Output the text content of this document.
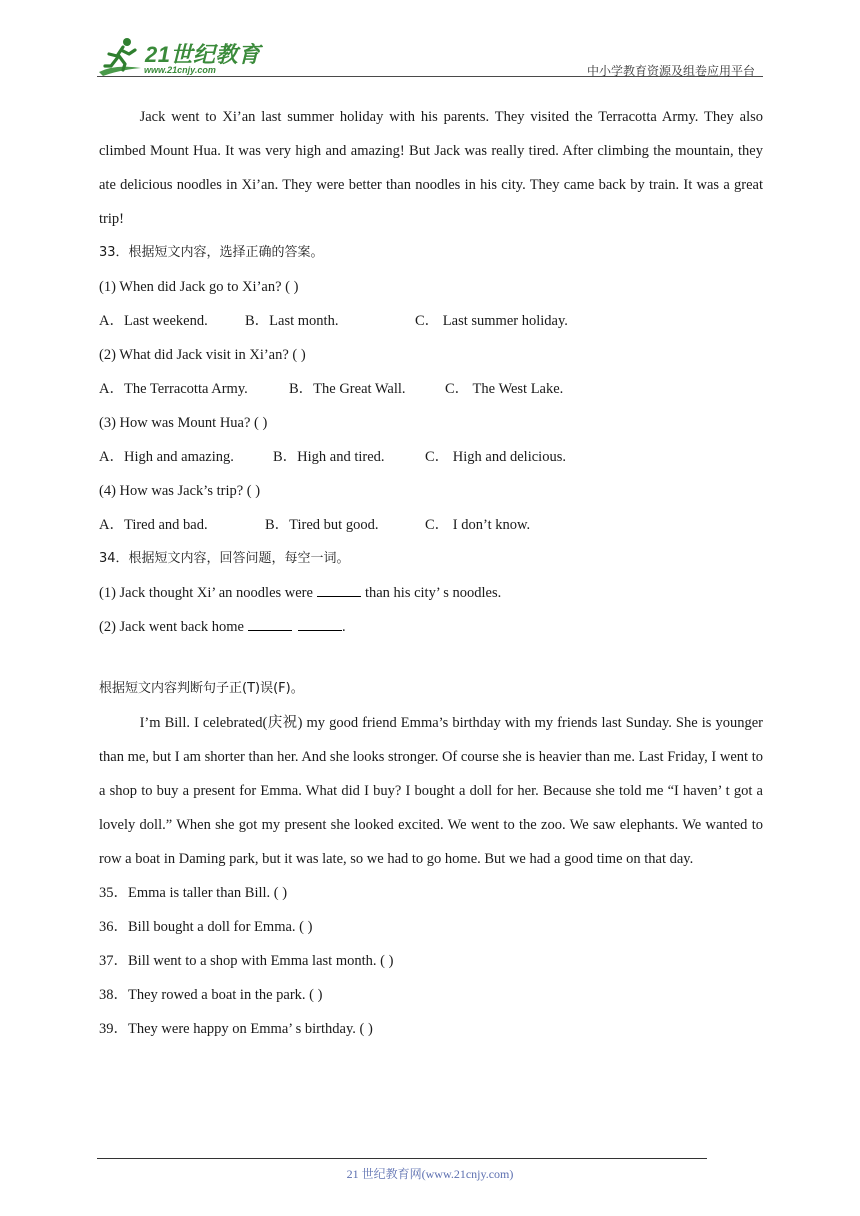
21世纪教育
www.21cnjy.com	中小学教育资源及组卷应用平台

Jack went to Xi’an last summer holiday with his parents. They visited the Terracotta Army. They also climbed Mount Hua. It was very high and amazing! But Jack was really tired. After climbing the mountain, they ate delicious noodles in Xi’an. They were better than noodles in his city. They came back by train. It was a great trip!

33．根据短文内容，选择正确的答案。

(1) When did Jack go to Xi’an? ( )

A．Last weekend.	B．Last month.	C． Last summer holiday.

(2) What did Jack visit in Xi’an? ( )

A．The Terracotta Army.	B．The Great Wall.	C． The West Lake.

(3) How was Mount Hua? ( )

A．High and amazing.	B．High and tired.	C． High and delicious.

(4) How was Jack’s trip? ( )

A．Tired and bad.	B．Tired but good.	C． I don’t know.

34．根据短文内容，回答问题，每空一词。

(1) Jack thought Xi’ an noodles were	than his city’ s noodles.

(2) Jack went back home	.

根据短文内容判断句子正(T)误(F)。

I’m Bill. I celebrated(庆祝) my good friend Emma’s birthday with my friends last Sunday. She is younger than me, but I am shorter than her. And she looks stronger. Of course she is heavier than me. Last Friday, I went to a shop to buy a present for Emma. What did I buy? I bought a doll for her. Because she told me “I haven’ t got a lovely doll.” When she got my present she looked excited. We went to the zoo. We saw elephants. We wanted to row a boat in Daming park, but it was late, so we had to go home. But we had a good time on that day.

35．Emma is taller than Bill. ( )

36．Bill bought a doll for Emma. ( )

37．Bill went to a shop with Emma last month. ( )

38．They rowed a boat in the park. ( )

39．They were happy on Emma’ s birthday. ( )

21 世纪教育网(www.21cnjy.com)
